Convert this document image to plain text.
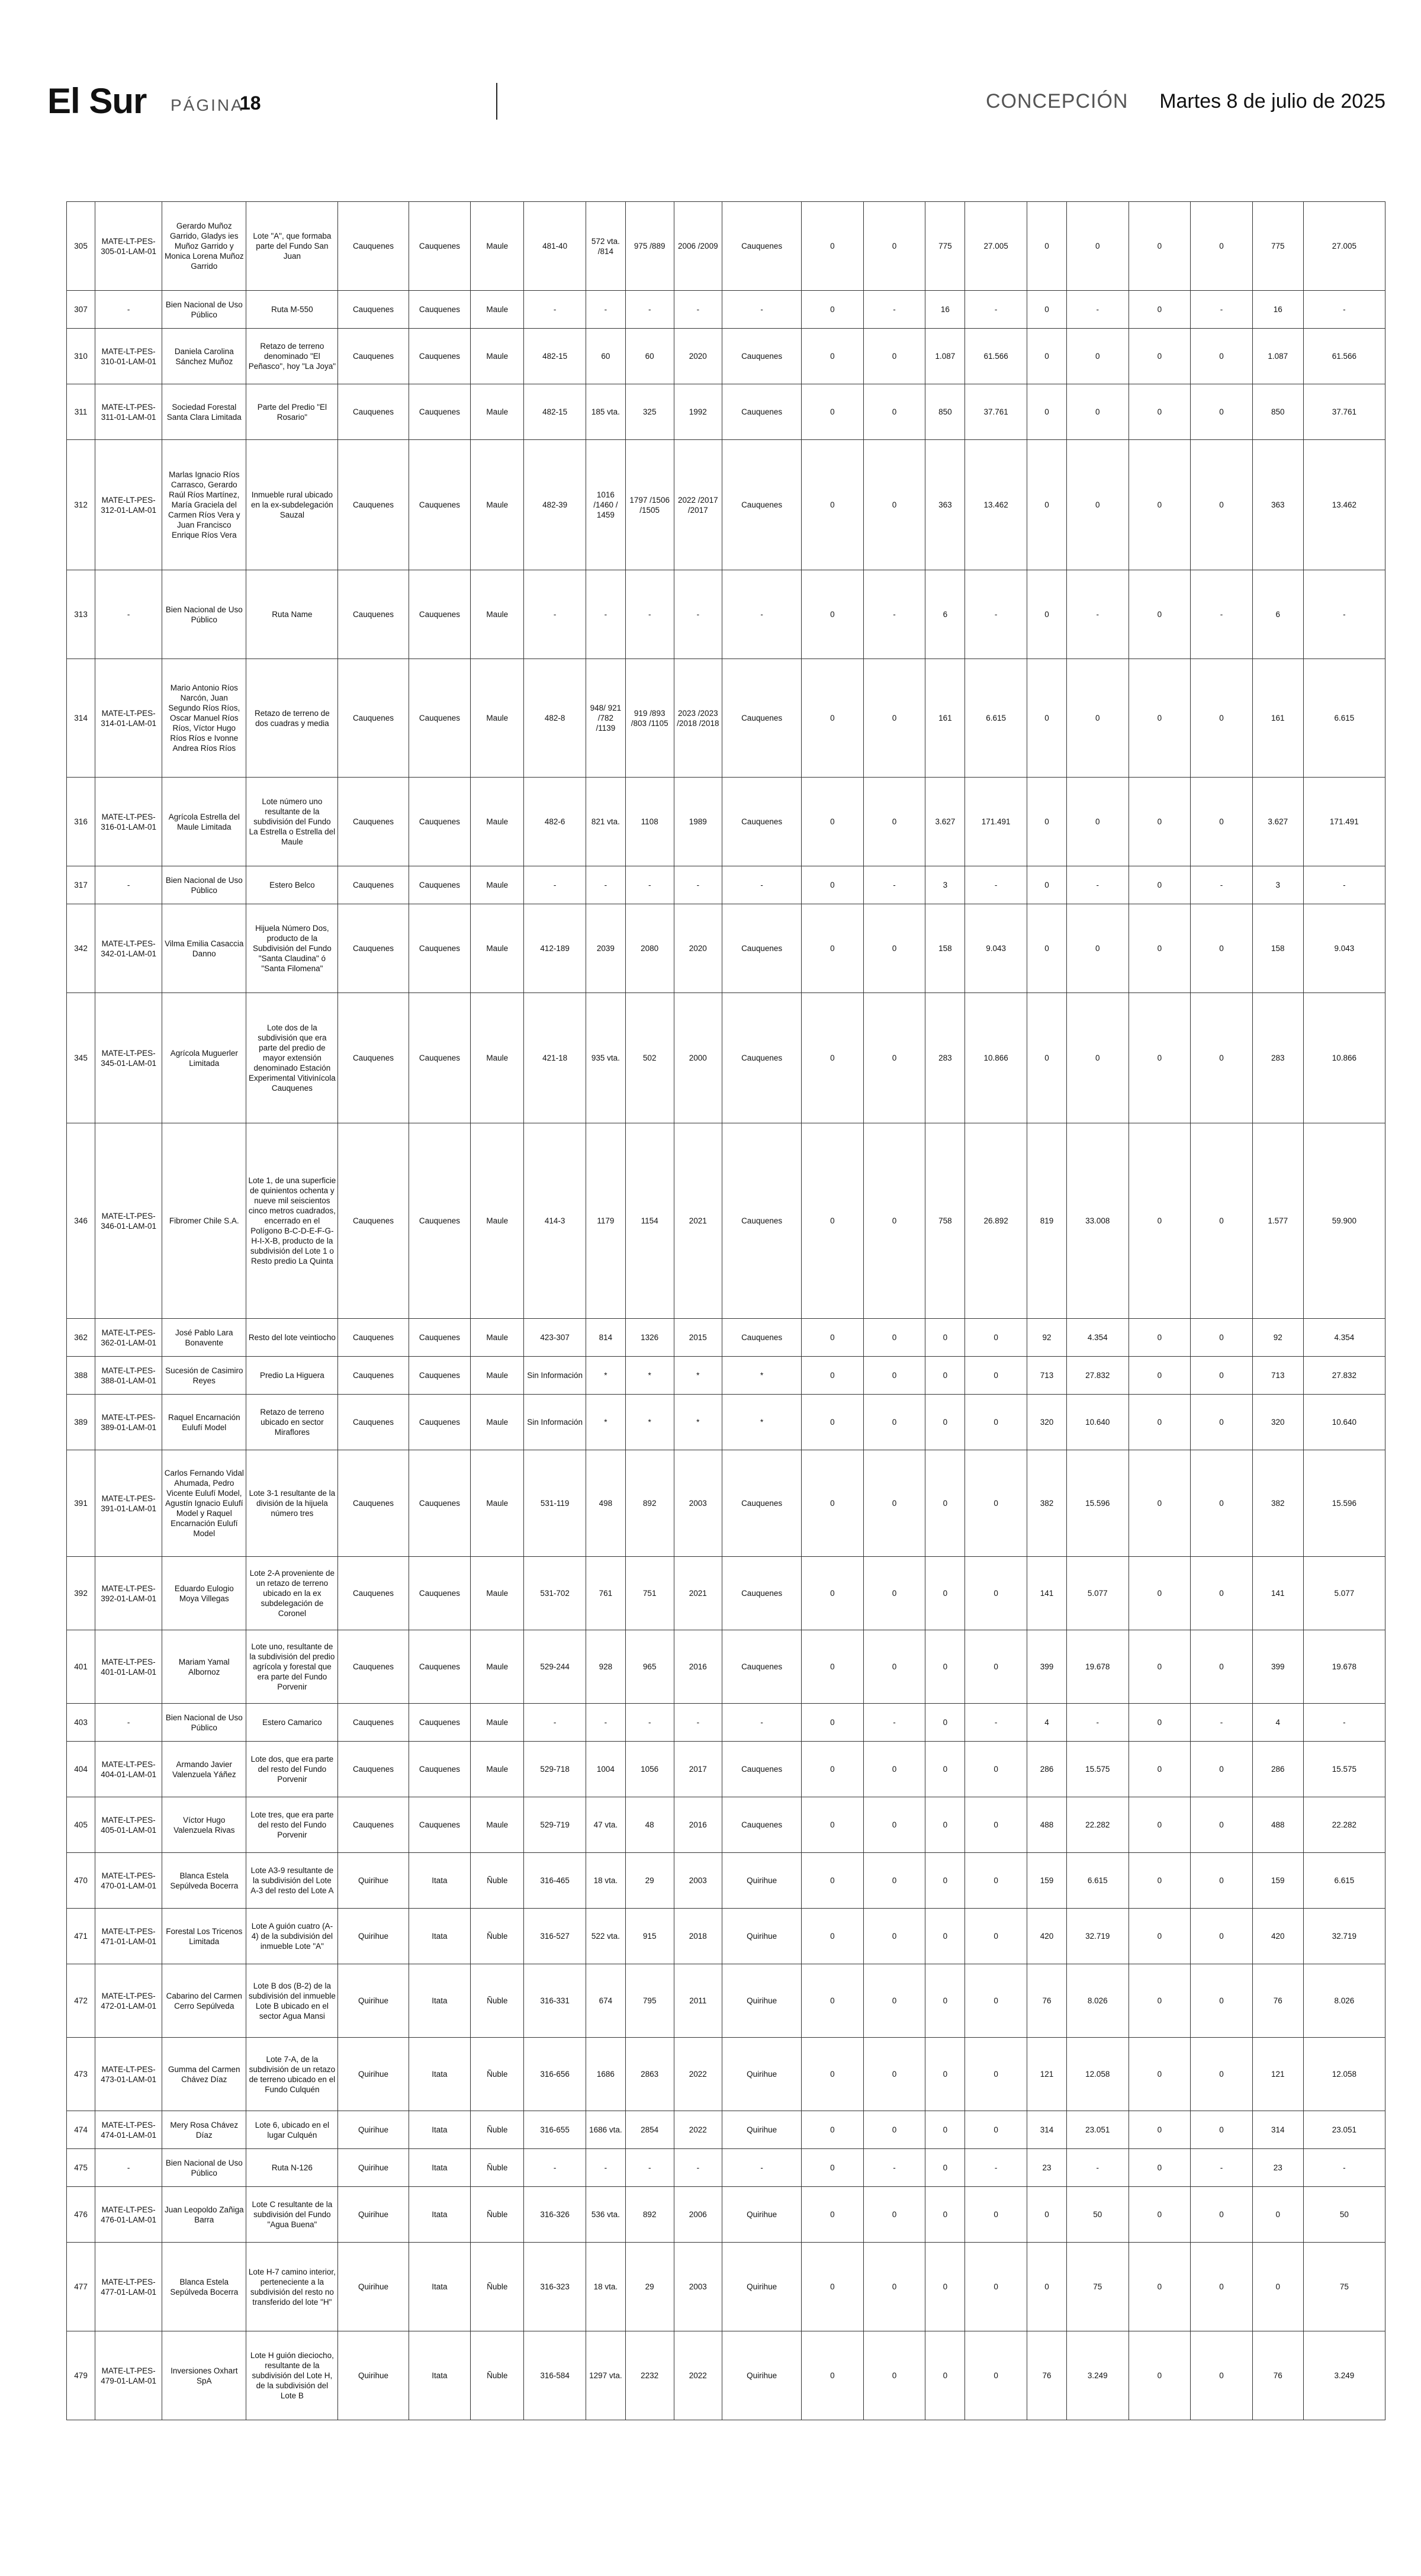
El Sur PÁGINA
18	CONCEPCIÓN Martes 8 de julio de 2025
305	MATE-LT-PES-305-01-LAM-01	Gerardo Muñoz Garrido, Gladys ies Muñoz Garrido y Monica Lorena Muñoz Garrido	Lote "A", que formaba parte del Fundo San Juan	Cauquenes	Cauquenes	Maule	481-40	572 vta. /814	975 /889	2006 /2009	Cauquenes	0	0	775	27.005	0	0	0	0	775	27.005
307	-	Bien Nacional de Uso Público	Ruta M-550	Cauquenes	Cauquenes	Maule	-	-	-	-	-	0	-	16	-	0	-	0	-	16	-
310	MATE-LT-PES-310-01-LAM-01	Daniela Carolina Sánchez Muñoz	Retazo de terreno denominado "El Peñasco", hoy "La Joya"	Cauquenes	Cauquenes	Maule	482-15	60	60	2020	Cauquenes	0	0	1.087	61.566	0	0	0	0	1.087	61.566
311	MATE-LT-PES-311-01-LAM-01	Sociedad Forestal Santa Clara Limitada	Parte del Predio "El Rosario"	Cauquenes	Cauquenes	Maule	482-15	185 vta.	325	1992	Cauquenes	0	0	850	37.761	0	0	0	0	850	37.761
312	MATE-LT-PES-312-01-LAM-01	Marlas Ignacio Ríos Carrasco, Gerardo Raúl Ríos Martínez, María Graciela del Carmen Ríos Vera y Juan Francisco Enrique Ríos Vera	Inmueble rural ubicado en la ex-subdelegación Sauzal	Cauquenes	Cauquenes	Maule	482-39	1016 /1460 / 1459	1797 /1506 /1505	2022 /2017 /2017	Cauquenes	0	0	363	13.462	0	0	0	0	363	13.462
313	-	Bien Nacional de Uso Público	Ruta Name	Cauquenes	Cauquenes	Maule	-	-	-	-	-	0	-	6	-	0	-	0	-	6	-
314	MATE-LT-PES-314-01-LAM-01	Mario Antonio Ríos Narcón, Juan Segundo Ríos Ríos, Oscar Manuel Ríos Ríos, Víctor Hugo Ríos Ríos e Ivonne Andrea Ríos Ríos	Retazo de terreno de dos cuadras y media	Cauquenes	Cauquenes	Maule	482-8	948/ 921 /782 /1139	919 /893 /803 /1105	2023 /2023 /2018 /2018	Cauquenes	0	0	161	6.615	0	0	0	0	161	6.615
316	MATE-LT-PES-316-01-LAM-01	Agrícola Estrella del Maule Limitada	Lote número uno resultante de la subdivisión del Fundo La Estrella o Estrella del Maule	Cauquenes	Cauquenes	Maule	482-6	821 vta.	1108	1989	Cauquenes	0	0	3.627	171.491	0	0	0	0	3.627	171.491
317	-	Bien Nacional de Uso Público	Estero Belco	Cauquenes	Cauquenes	Maule	-	-	-	-	-	0	-	3	-	0	-	0	-	3	-
342	MATE-LT-PES-342-01-LAM-01	Vilma Emilia Casaccia Danno	Hijuela Número Dos, producto de la Subdivisión del Fundo "Santa Claudina" ó "Santa Filomena"	Cauquenes	Cauquenes	Maule	412-189	2039	2080	2020	Cauquenes	0	0	158	9.043	0	0	0	0	158	9.043
345	MATE-LT-PES-345-01-LAM-01	Agrícola Muguerler Limitada	Lote dos de la subdivisión que era parte del predio de mayor extensión denominado Estación Experimental Vitivinícola Cauquenes	Cauquenes	Cauquenes	Maule	421-18	935 vta.	502	2000	Cauquenes	0	0	283	10.866	0	0	0	0	283	10.866
346	MATE-LT-PES-346-01-LAM-01	Fibromer Chile S.A.	Lote 1, de una superficie de quinientos ochenta y nueve mil seiscientos cinco metros cuadrados, encerrado en el Polígono B-C-D-E-F-G-H-I-X-B, producto de la subdivisión del Lote 1 o Resto predio La Quinta	Cauquenes	Cauquenes	Maule	414-3	1179	1154	2021	Cauquenes	0	0	758	26.892	819	33.008	0	0	1.577	59.900
362	MATE-LT-PES-362-01-LAM-01	José Pablo Lara Bonavente	Resto del lote veintiocho	Cauquenes	Cauquenes	Maule	423-307	814	1326	2015	Cauquenes	0	0	0	0	92	4.354	0	0	92	4.354
388	MATE-LT-PES-388-01-LAM-01	Sucesión de Casimiro Reyes	Predio La Higuera	Cauquenes	Cauquenes	Maule	Sin Información	*	*	*	*	0	0	0	0	713	27.832	0	0	713	27.832
389	MATE-LT-PES-389-01-LAM-01	Raquel Encarnación Eulufí Model	Retazo de terreno ubicado en sector Miraflores	Cauquenes	Cauquenes	Maule	Sin Información	*	*	*	*	0	0	0	0	320	10.640	0	0	320	10.640
391	MATE-LT-PES-391-01-LAM-01	Carlos Fernando Vidal Ahumada, Pedro Vicente Eulufí Model, Agustín Ignacio Eulufí Model y Raquel Encarnación Eulufí Model	Lote 3-1 resultante de la división de la hijuela número tres	Cauquenes	Cauquenes	Maule	531-119	498	892	2003	Cauquenes	0	0	0	0	382	15.596	0	0	382	15.596
392	MATE-LT-PES-392-01-LAM-01	Eduardo Eulogio Moya Villegas	Lote 2-A proveniente de un retazo de terreno ubicado en la ex subdelegación de Coronel	Cauquenes	Cauquenes	Maule	531-702	761	751	2021	Cauquenes	0	0	0	0	141	5.077	0	0	141	5.077
401	MATE-LT-PES-401-01-LAM-01	Mariam Yamal Albornoz	Lote uno, resultante de la subdivisión del predio agrícola y forestal que era parte del Fundo Porvenir	Cauquenes	Cauquenes	Maule	529-244	928	965	2016	Cauquenes	0	0	0	0	399	19.678	0	0	399	19.678
403	-	Bien Nacional de Uso Público	Estero Camarico	Cauquenes	Cauquenes	Maule	-	-	-	-	-	0	-	0	-	4	-	0	-	4	-
404	MATE-LT-PES-404-01-LAM-01	Armando Javier Valenzuela Yáñez	Lote dos, que era parte del resto del Fundo Porvenir	Cauquenes	Cauquenes	Maule	529-718	1004	1056	2017	Cauquenes	0	0	0	0	286	15.575	0	0	286	15.575
405	MATE-LT-PES-405-01-LAM-01	Víctor Hugo Valenzuela Rivas	Lote tres, que era parte del resto del Fundo Porvenir	Cauquenes	Cauquenes	Maule	529-719	47 vta.	48	2016	Cauquenes	0	0	0	0	488	22.282	0	0	488	22.282
470	MATE-LT-PES-470-01-LAM-01	Blanca Estela Sepúlveda Bocerra	Lote A3-9 resultante de la subdivisión del Lote A-3 del resto del Lote A	Quirihue	Itata	Ñuble	316-465	18 vta.	29	2003	Quirihue	0	0	0	0	159	6.615	0	0	159	6.615
471	MATE-LT-PES-471-01-LAM-01	Forestal Los Tricenos Limitada	Lote A guión cuatro (A-4) de la subdivisión del inmueble Lote "A"	Quirihue	Itata	Ñuble	316-527	522 vta.	915	2018	Quirihue	0	0	0	0	420	32.719	0	0	420	32.719
472	MATE-LT-PES-472-01-LAM-01	Cabarino del Carmen Cerro Sepúlveda	Lote B dos (B-2) de la subdivisión del inmueble Lote B ubicado en el sector Agua Mansi	Quirihue	Itata	Ñuble	316-331	674	795	2011	Quirihue	0	0	0	0	76	8.026	0	0	76	8.026
473	MATE-LT-PES-473-01-LAM-01	Gumma del Carmen Chávez Díaz	Lote 7-A, de la subdivisión de un retazo de terreno ubicado en el Fundo Culquén	Quirihue	Itata	Ñuble	316-656	1686	2863	2022	Quirihue	0	0	0	0	121	12.058	0	0	121	12.058
474	MATE-LT-PES-474-01-LAM-01	Mery Rosa Chávez Díaz	Lote 6, ubicado en el lugar Culquén	Quirihue	Itata	Ñuble	316-655	1686 vta.	2854	2022	Quirihue	0	0	0	0	314	23.051	0	0	314	23.051
475	-	Bien Nacional de Uso Público	Ruta N-126	Quirihue	Itata	Ñuble	-	-	-	-	-	0	-	0	-	23	-	0	-	23	-
476	MATE-LT-PES-476-01-LAM-01	Juan Leopoldo Zañiga Barra	Lote C resultante de la subdivisión del Fundo "Agua Buena"	Quirihue	Itata	Ñuble	316-326	536 vta.	892	2006	Quirihue	0	0	0	0	0	50	0	0	0	50
477	MATE-LT-PES-477-01-LAM-01	Blanca Estela Sepúlveda Bocerra	Lote H-7 camino interior, perteneciente a la subdivisión del resto no transferido del lote "H"	Quirihue	Itata	Ñuble	316-323	18 vta.	29	2003	Quirihue	0	0	0	0	0	75	0	0	0	75
479	MATE-LT-PES-479-01-LAM-01	Inversiones Oxhart SpA	Lote H guión dieciocho, resultante de la subdivisión del Lote H, de la subdivisión del Lote B	Quirihue	Itata	Ñuble	316-584	1297 vta.	2232	2022	Quirihue	0	0	0	0	76	3.249	0	0	76	3.249
